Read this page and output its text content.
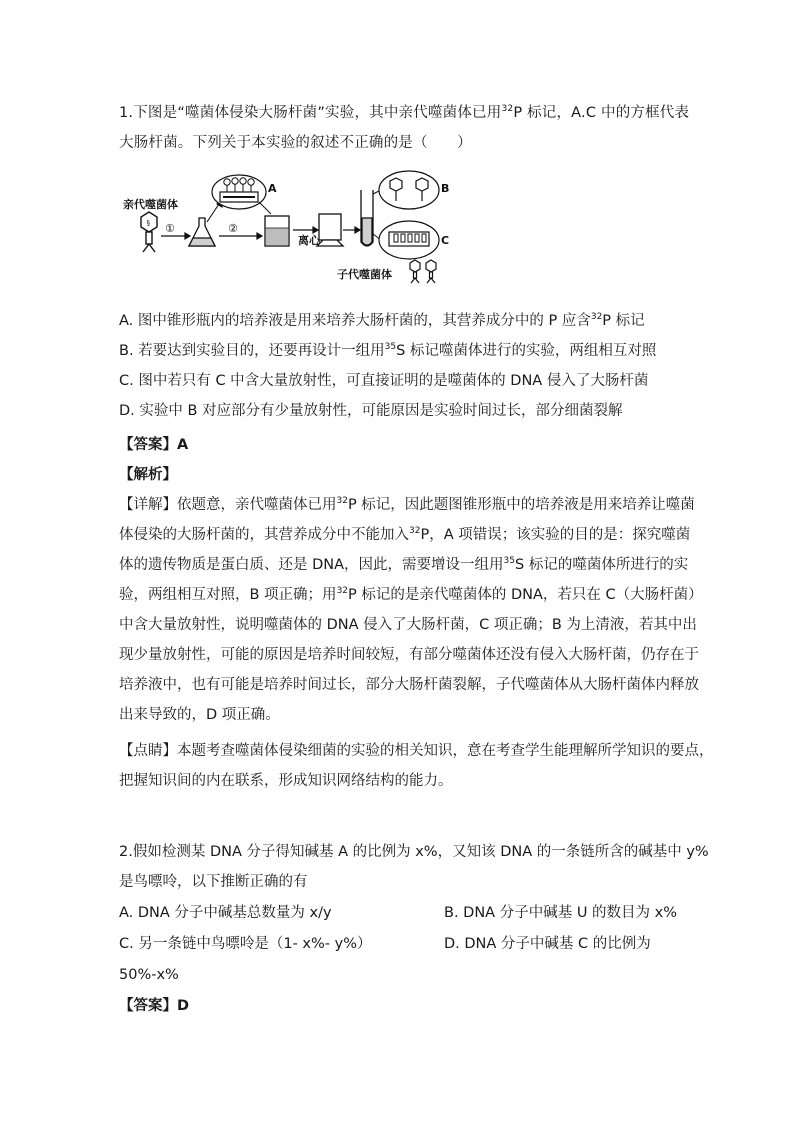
1.下图是“噬菌体侵染大肠杆菌”实验，其中亲代噬菌体已用$^{32}$P 标记，A.C 中的方框代表
大肠杆菌。下列关于本实验的叙述不正确的是（　　）
亲代噬菌体
§ ①
A
②
离心
B
C
子代噬菌体
A. 图中锥形瓶内的培养液是用来培养大肠杆菌的，其营养成分中的 P 应含$^{32}$P 标记
B. 若要达到实验目的，还要再设计一组用$^{35}$S 标记噬菌体进行的实验，两组相互对照
C. 图中若只有 C 中含大量放射性，可直接证明的是噬菌体的 DNA 侵入了大肠杆菌
D. 实验中 B 对应部分有少量放射性，可能原因是实验时间过长，部分细菌裂解
【答案】A
【解析】
【详解】依题意，亲代噬菌体已用$^{32}$P 标记，因此题图锥形瓶中的培养液是用来培养让噬菌
体侵染的大肠杆菌的，其营养成分中不能加入$^{32}$P，A 项错误；该实验的目的是：探究噬菌
体的遗传物质是蛋白质、还是 DNA，因此，需要增设一组用$^{35}$S 标记的噬菌体所进行的实
验，两组相互对照，B 项正确；用$^{32}$P 标记的是亲代噬菌体的 DNA，若只在 C（大肠杆菌）
中含大量放射性，说明噬菌体的 DNA 侵入了大肠杆菌，C 项正确；B 为上清液，若其中出
现少量放射性，可能的原因是培养时间较短，有部分噬菌体还没有侵入大肠杆菌，仍存在于
培养液中，也有可能是培养时间过长，部分大肠杆菌裂解，子代噬菌体从大肠杆菌体内释放
出来导致的，D 项正确。
【点睛】本题考查噬菌体侵染细菌的实验的相关知识，意在考查学生能理解所学知识的要点，
把握知识间的内在联系，形成知识网络结构的能力。
2.假如检测某 DNA 分子得知碱基 A 的比例为 x%，又知该 DNA 的一条链所含的碱基中 y%
是鸟嘌呤，以下推断正确的有
A. DNA 分子中碱基总数量为 x/y	B. DNA 分子中碱基 U 的数目为 x%
C. 另一条链中鸟嘌呤是（1- x%- y%）	D. DNA 分子中碱基 C 的比例为
50%-x%
【答案】D
